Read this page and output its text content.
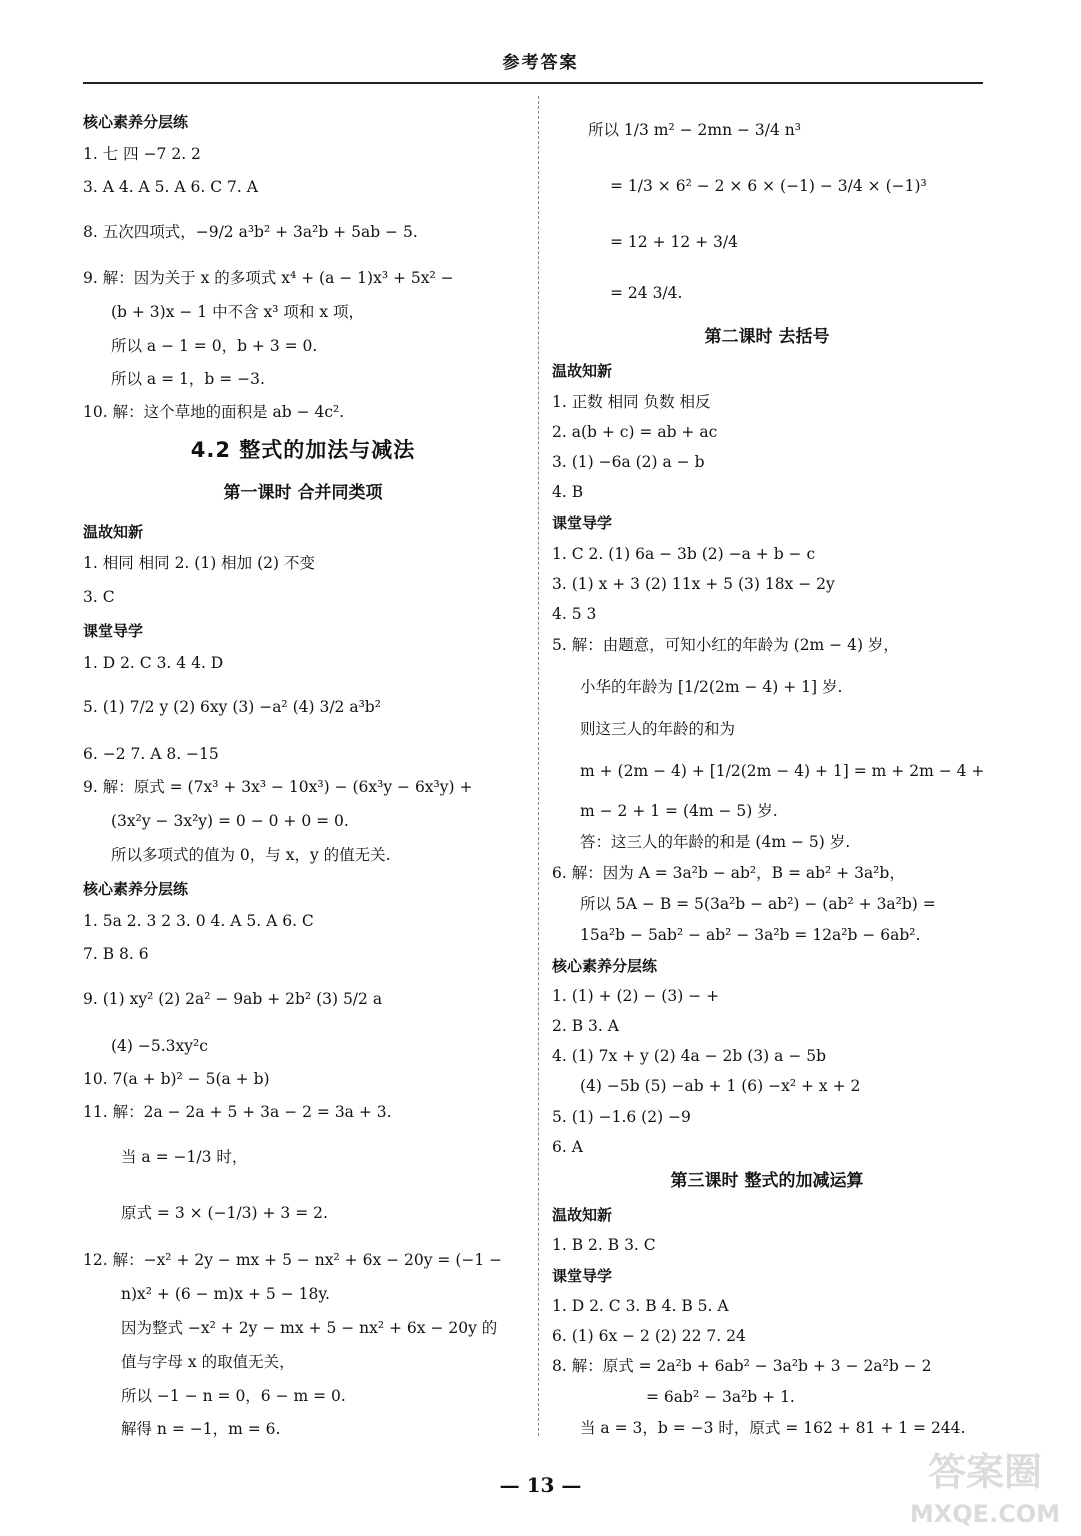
参考答案
核心素养分层练
1. 七 四 −7 2. 2
3. A 4. A 5. A 6. C 7. A
8. 五次四项式，−9/2 a³b² + 3a²b + 5ab − 5.
9. 解：因为关于 x 的多项式 x⁴ + (a − 1)x³ + 5x² −
(b + 3)x − 1 中不含 x³ 项和 x 项，
所以 a − 1 = 0，b + 3 = 0.
所以 a = 1，b = −3.
10. 解：这个草地的面积是 ab − 4c².
4.2 整式的加法与减法
第一课时 合并同类项
温故知新
1. 相同 相同 2. (1) 相加 (2) 不变
3. C
课堂导学
1. D 2. C 3. 4 4. D
5. (1) 7/2 y (2) 6xy (3) −a² (4) 3/2 a³b²
6. −2 7. A 8. −15
9. 解：原式 = (7x³ + 3x³ − 10x³) − (6x³y − 6x³y) +
(3x²y − 3x²y) = 0 − 0 + 0 = 0.
所以多项式的值为 0，与 x，y 的值无关.
核心素养分层练
1. 5a 2. 3 2 3. 0 4. A 5. A 6. C
7. B 8. 6
9. (1) xy² (2) 2a² − 9ab + 2b² (3) 5/2 a
(4) −5.3xy²c
10. 7(a + b)² − 5(a + b)
11. 解：2a − 2a + 5 + 3a − 2 = 3a + 3.
当 a = −1/3 时，
原式 = 3 × (−1/3) + 3 = 2.
12. 解：−x² + 2y − mx + 5 − nx² + 6x − 20y = (−1 −
n)x² + (6 − m)x + 5 − 18y.
因为整式 −x² + 2y − mx + 5 − nx² + 6x − 20y 的
值与字母 x 的取值无关，
所以 −1 − n = 0，6 − m = 0.
解得 n = −1，m = 6.
所以 1/3 m² − 2mn − 3/4 n³
= 1/3 × 6² − 2 × 6 × (−1) − 3/4 × (−1)³
= 12 + 12 + 3/4
= 24 3/4.
第二课时 去括号
温故知新
1. 正数 相同 负数 相反
2. a(b + c) = ab + ac
3. (1) −6a (2) a − b
4. B
课堂导学
1. C 2. (1) 6a − 3b (2) −a + b − c
3. (1) x + 3 (2) 11x + 5 (3) 18x − 2y
4. 5 3
5. 解：由题意，可知小红的年龄为 (2m − 4) 岁，
小华的年龄为 [1/2(2m − 4) + 1] 岁.
则这三人的年龄的和为
m + (2m − 4) + [1/2(2m − 4) + 1] = m + 2m − 4 +
m − 2 + 1 = (4m − 5) 岁.
答：这三人的年龄的和是 (4m − 5) 岁.
6. 解：因为 A = 3a²b − ab²，B = ab² + 3a²b，
所以 5A − B = 5(3a²b − ab²) − (ab² + 3a²b) =
15a²b − 5ab² − ab² − 3a²b = 12a²b − 6ab².
核心素养分层练
1. (1) + (2) − (3) − +
2. B 3. A
4. (1) 7x + y (2) 4a − 2b (3) a − 5b
(4) −5b (5) −ab + 1 (6) −x² + x + 2
5. (1) −1.6 (2) −9
6. A
第三课时 整式的加减运算
温故知新
1. B 2. B 3. C
课堂导学
1. D 2. C 3. B 4. B 5. A
6. (1) 6x − 2 (2) 22 7. 24
8. 解：原式 = 2a²b + 6ab² − 3a²b + 3 − 2a²b − 2
= 6ab² − 3a²b + 1.
当 a = 3，b = −3 时，原式 = 162 + 81 + 1 = 244.
— 13 —	答案圈
MXQE.COM
